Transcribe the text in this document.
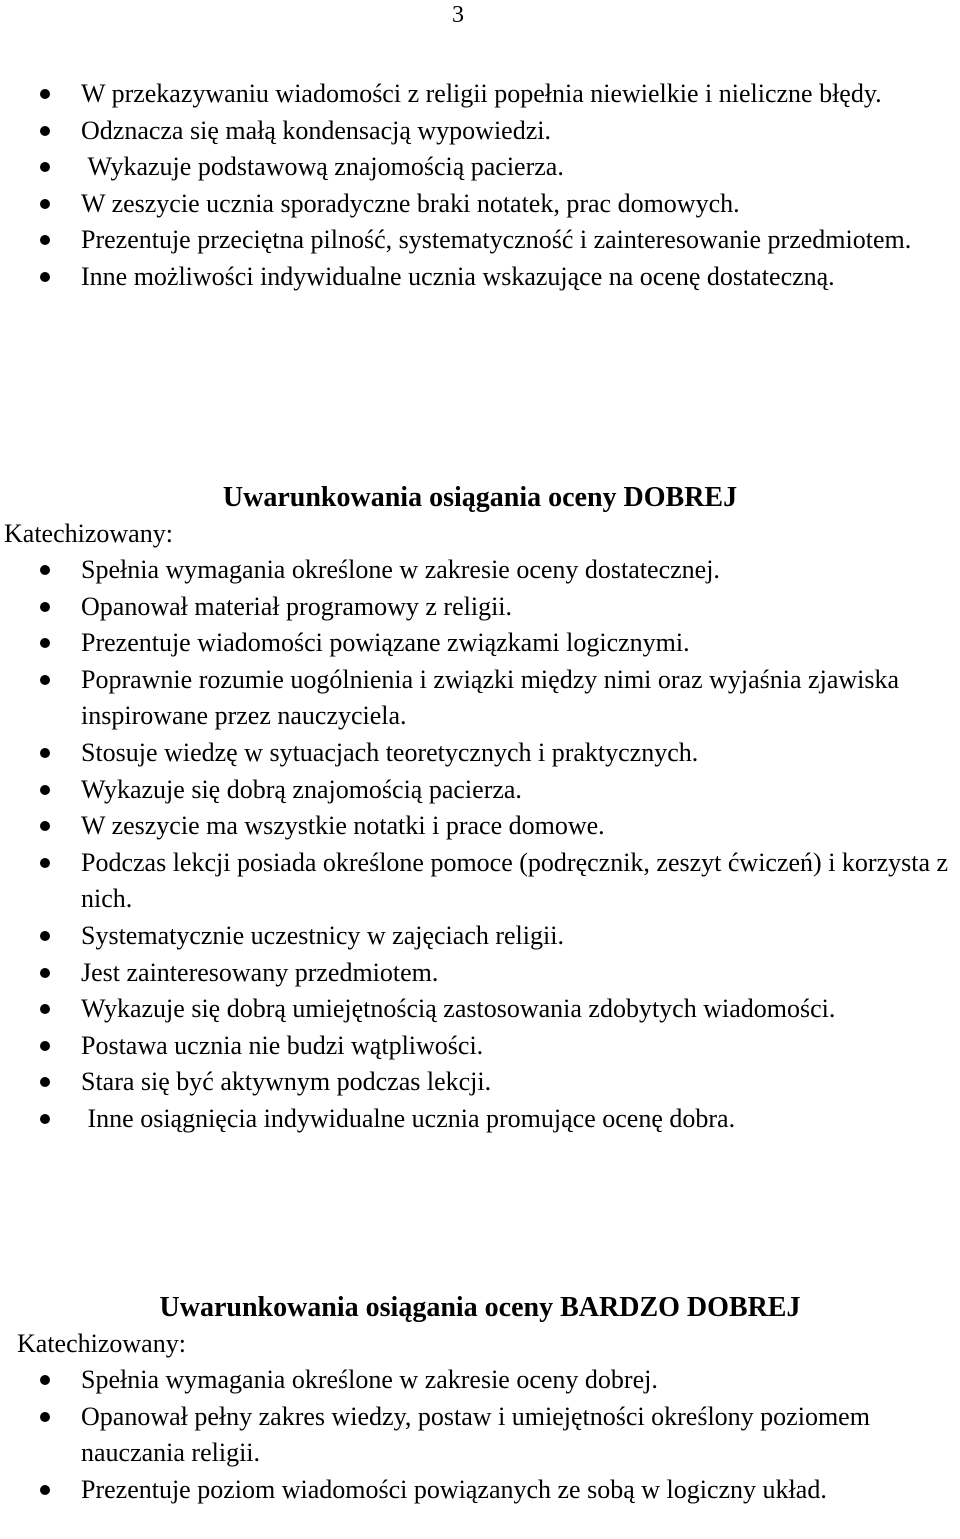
3
W przekazywaniu wiadomości z religii popełnia niewielkie i nieliczne błędy.
Odznacza się małą kondensacją wypowiedzi.
Wykazuje podstawową znajomością pacierza.
W zeszycie ucznia sporadyczne braki notatek, prac domowych.
Prezentuje przeciętna pilność, systematyczność i zainteresowanie przedmiotem.
Inne możliwości indywidualne ucznia wskazujące na ocenę dostateczną.
Uwarunkowania osiągania oceny DOBREJ

Katechizowany:

Spełnia wymagania określone w zakresie oceny dostatecznej.
Opanował materiał programowy z religii.
Prezentuje wiadomości powiązane związkami logicznymi.
Poprawnie rozumie uogólnienia i związki między nimi oraz wyjaśnia zjawiska inspirowane przez nauczyciela.
Stosuje wiedzę w sytuacjach teoretycznych i praktycznych.
Wykazuje się dobrą znajomością pacierza.
W zeszycie ma wszystkie notatki i prace domowe.
Podczas lekcji posiada określone pomoce (podręcznik, zeszyt ćwiczeń) i korzysta z nich.
Systematycznie uczestnicy w zajęciach religii.
Jest zainteresowany przedmiotem.
Wykazuje się dobrą umiejętnością zastosowania zdobytych wiadomości.
Postawa ucznia nie budzi wątpliwości.
Stara się być aktywnym podczas lekcji.
Inne osiągnięcia indywidualne ucznia promujące ocenę dobra.
Uwarunkowania osiągania oceny BARDZO DOBREJ

Katechizowany:

Spełnia wymagania określone w zakresie oceny dobrej.
Opanował pełny zakres wiedzy, postaw i umiejętności określony poziomem nauczania religii.
Prezentuje poziom wiadomości powiązanych ze sobą w logiczny układ.
